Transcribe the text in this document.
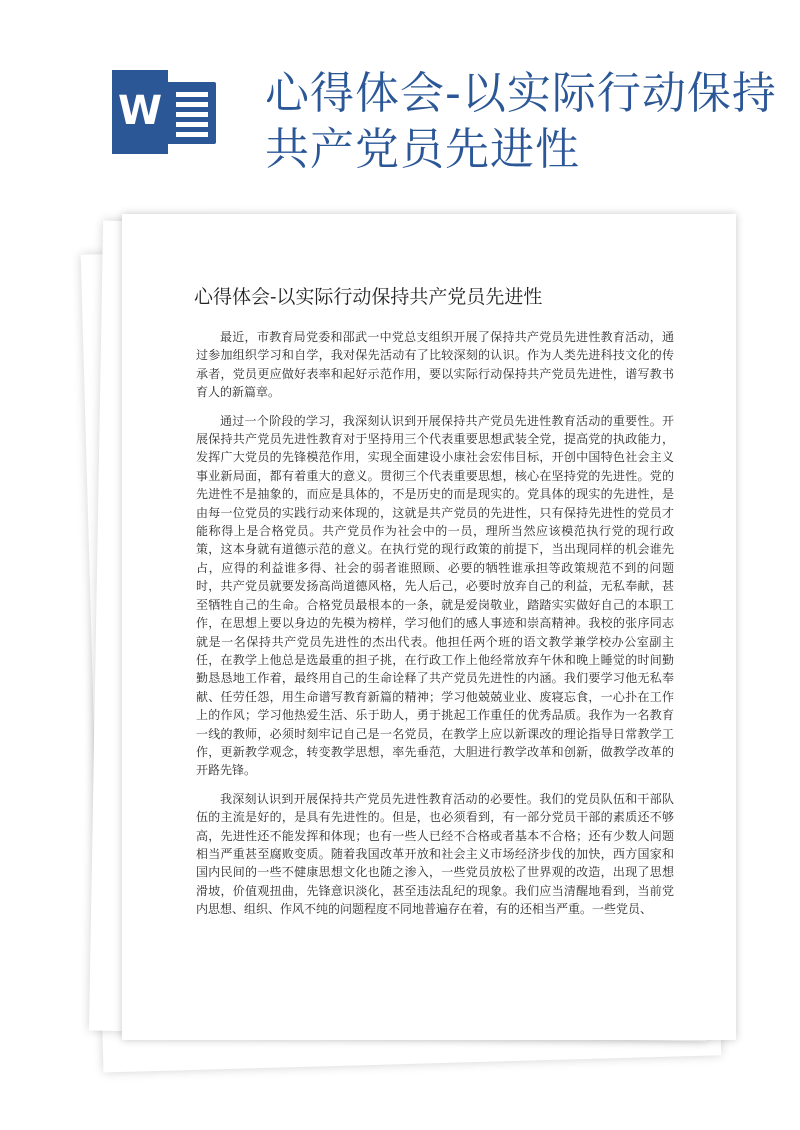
W 心得体会-以实际行动保持共产党员先进性
心得体会-以实际行动保持共产党员先进性

最近，市教育局党委和邵武一中党总支组织开展了保持共产党员先进性教育活动，通过参加组织学习和自学，我对保先活动有了比较深刻的认识。作为人类先进科技文化的传承者，党员更应做好表率和起好示范作用，要以实际行动保持共产党员先进性，谱写教书育人的新篇章。

通过一个阶段的学习，我深刻认识到开展保持共产党员先进性教育活动的重要性。开展保持共产党员先进性教育对于坚持用三个代表重要思想武装全党，提高党的执政能力，发挥广大党员的先锋模范作用，实现全面建设小康社会宏伟目标，开创中国特色社会主义事业新局面，都有着重大的意义。贯彻三个代表重要思想，核心在坚持党的先进性。党的先进性不是抽象的，而应是具体的，不是历史的而是现实的。党具体的现实的先进性，是由每一位党员的实践行动来体现的，这就是共产党员的先进性，只有保持先进性的党员才能称得上是合格党员。共产党员作为社会中的一员，理所当然应该模范执行党的现行政策，这本身就有道德示范的意义。在执行党的现行政策的前提下，当出现同样的机会谁先占，应得的利益谁多得、社会的弱者谁照顾、必要的牺牲谁承担等政策规范不到的问题时，共产党员就要发扬高尚道德风格，先人后己，必要时放弃自己的利益，无私奉献，甚至牺牲自己的生命。合格党员最根本的一条，就是爱岗敬业，踏踏实实做好自己的本职工作，在思想上要以身边的先模为榜样，学习他们的感人事迹和崇高精神。我校的张序同志就是一名保持共产党员先进性的杰出代表。他担任两个班的语文教学兼学校办公室副主任，在教学上他总是选最重的担子挑，在行政工作上他经常放弃午休和晚上睡觉的时间勤勤恳恳地工作着，最终用自己的生命诠释了共产党员先进性的内涵。我们要学习他无私奉献、任劳任怨，用生命谱写教育新篇的精神；学习他兢兢业业、废寝忘食，一心扑在工作上的作风；学习他热爱生活、乐于助人，勇于挑起工作重任的优秀品质。我作为一名教育一线的教师，必须时刻牢记自己是一名党员，在教学上应以新课改的理论指导日常教学工作，更新教学观念，转变教学思想，率先垂范，大胆进行教学改革和创新，做教学改革的开路先锋。

我深刻认识到开展保持共产党员先进性教育活动的必要性。我们的党员队伍和干部队伍的主流是好的，是具有先进性的。但是，也必须看到，有一部分党员干部的素质还不够高，先进性还不能发挥和体现；也有一些人已经不合格或者基本不合格；还有少数人问题相当严重甚至腐败变质。随着我国改革开放和社会主义市场经济步伐的加快，西方国家和国内民间的一些不健康思想文化也随之渗入，一些党员放松了世界观的改造，出现了思想滑坡，价值观扭曲，先锋意识淡化，甚至违法乱纪的现象。我们应当清醒地看到，当前党内思想、组织、作风不纯的问题程度不同地普遍存在着，有的还相当严重。一些党员、
